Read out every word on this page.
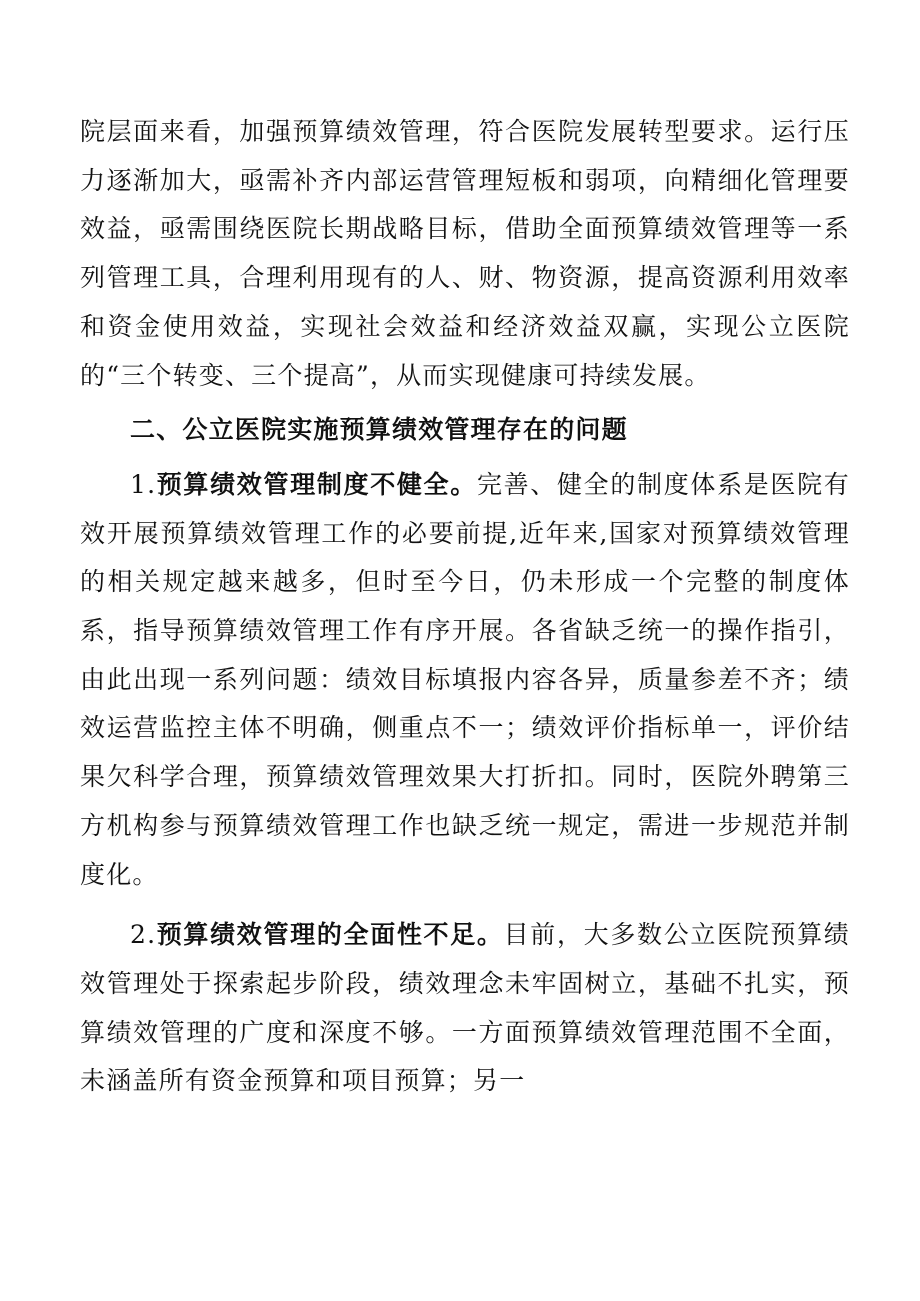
院层面来看，加强预算绩效管理，符合医院发展转型要求。运行压力逐渐加大，亟需补齐内部运营管理短板和弱项，向精细化管理要效益，亟需围绕医院长期战略目标，借助全面预算绩效管理等一系列管理工具，合理利用现有的人、财、物资源，提高资源利用效率和资金使用效益，实现社会效益和经济效益双赢，实现公立医院的“三个转变、三个提高”，从而实现健康可持续发展。

二、公立医院实施预算绩效管理存在的问题

1.预算绩效管理制度不健全。完善、健全的制度体系是医院有效开展预算绩效管理工作的必要前提,近年来,国家对预算绩效管理的相关规定越来越多，但时至今日，仍未形成一个完整的制度体系，指导预算绩效管理工作有序开展。各省缺乏统一的操作指引，由此出现一系列问题：绩效目标填报内容各异，质量参差不齐；绩效运营监控主体不明确，侧重点不一；绩效评价指标单一，评价结果欠科学合理，预算绩效管理效果大打折扣。同时，医院外聘第三方机构参与预算绩效管理工作也缺乏统一规定，需进一步规范并制度化。

2.预算绩效管理的全面性不足。目前，大多数公立医院预算绩效管理处于探索起步阶段，绩效理念未牢固树立，基础不扎实，预算绩效管理的广度和深度不够。一方面预算绩效管理范围不全面，未涵盖所有资金预算和项目预算；另一
